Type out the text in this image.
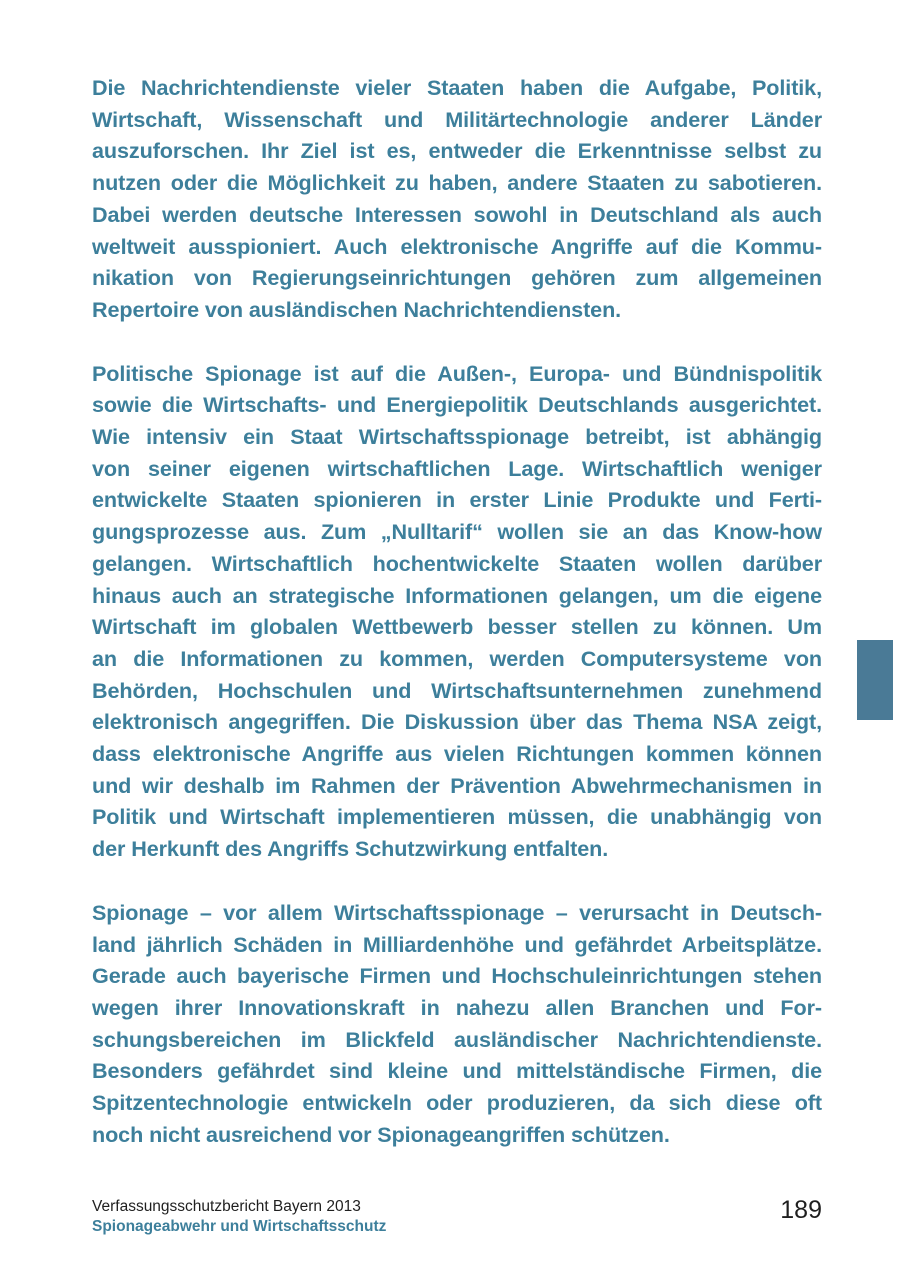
Die Nachrichtendienste vieler Staaten haben die Aufgabe, Politik,
Wirtschaft, Wissenschaft und Militärtechnologie anderer Länder
auszuforschen. Ihr Ziel ist es, entweder die Erkenntnisse selbst zu
nutzen oder die Möglichkeit zu haben, andere Staaten zu sabotieren.
Dabei werden deutsche Interessen sowohl in Deutschland als auch
weltweit ausspioniert. Auch elektronische Angriffe auf die Kommu-
nikation von Regierungseinrichtungen gehören zum allgemeinen
Repertoire von ausländischen Nachrichtendiensten.

Politische Spionage ist auf die Außen-, Europa- und Bündnispolitik
sowie die Wirtschafts- und Energiepolitik Deutschlands ausgerichtet.
Wie intensiv ein Staat Wirtschaftsspionage betreibt, ist abhängig
von seiner eigenen wirtschaftlichen Lage. Wirtschaftlich weniger
entwickelte Staaten spionieren in erster Linie Produkte und Ferti-
gungsprozesse aus. Zum „Nulltarif“ wollen sie an das Know-how
gelangen. Wirtschaftlich hochentwickelte Staaten wollen darüber
hinaus auch an strategische Informationen gelangen, um die eigene
Wirtschaft im globalen Wettbewerb besser stellen zu können. Um
an die Informationen zu kommen, werden Computersysteme von
Behörden, Hochschulen und Wirtschaftsunternehmen zunehmend
elektronisch angegriffen. Die Diskussion über das Thema NSA zeigt,
dass elektronische Angriffe aus vielen Richtungen kommen können
und wir deshalb im Rahmen der Prävention Abwehrmechanismen in
Politik und Wirtschaft implementieren müssen, die unabhängig von
der Herkunft des Angriffs Schutzwirkung entfalten.

Spionage – vor allem Wirtschaftsspionage – verursacht in Deutsch-
land jährlich Schäden in Milliardenhöhe und gefährdet Arbeitsplätze.
Gerade auch bayerische Firmen und Hochschuleinrichtungen stehen
wegen ihrer Innovationskraft in nahezu allen Branchen und For-
schungsbereichen im Blickfeld ausländischer Nachrichtendienste.
Besonders gefährdet sind kleine und mittelständische Firmen, die
Spitzentechnologie entwickeln oder produzieren, da sich diese oft
noch nicht ausreichend vor Spionageangriffen schützen.

Verfassungsschutzbericht Bayern 2013
Spionageabwehr und Wirtschaftsschutz
189
